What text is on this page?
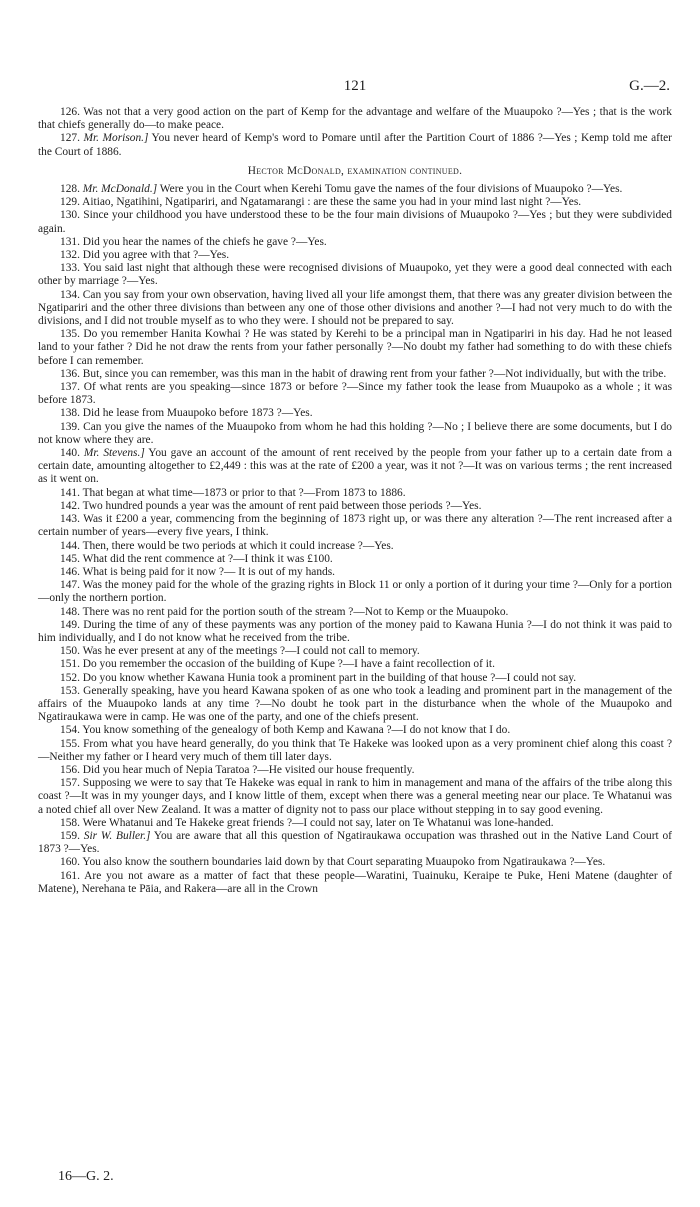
121	G.—2.

126. Was not that a very good action on the part of Kemp for the advantage and welfare of the Muaupoko ?—Yes ; that is the work that chiefs generally do—to make peace.

127. Mr. Morison.] You never heard of Kemp's word to Pomare until after the Partition Court of 1886 ?—Yes ; Kemp told me after the Court of 1886.

Hector McDonald, examination continued.

128. Mr. McDonald.] Were you in the Court when Kerehi Tomu gave the names of the four divisions of Muaupoko ?—Yes.

129. Aitiao, Ngatihini, Ngatipariri, and Ngatamarangi : are these the same you had in your mind last night ?—Yes.

130. Since your childhood you have understood these to be the four main divisions of Muaupoko ?—Yes ; but they were subdivided again.

131. Did you hear the names of the chiefs he gave ?—Yes.

132. Did you agree with that ?—Yes.

133. You said last night that although these were recognised divisions of Muaupoko, yet they were a good deal connected with each other by marriage ?—Yes.

134. Can you say from your own observation, having lived all your life amongst them, that there was any greater division between the Ngatipariri and the other three divisions than between any one of those other divisions and another ?—I had not very much to do with the divisions, and I did not trouble myself as to who they were. I should not be prepared to say.

135. Do you remember Hanita Kowhai ? He was stated by Kerehi to be a principal man in Ngatipariri in his day. Had he not leased land to your father ? Did he not draw the rents from your father personally ?—No doubt my father had something to do with these chiefs before I can remember.

136. But, since you can remember, was this man in the habit of drawing rent from your father ?—Not individually, but with the tribe.

137. Of what rents are you speaking—since 1873 or before ?—Since my father took the lease from Muaupoko as a whole ; it was before 1873.

138. Did he lease from Muaupoko before 1873 ?—Yes.

139. Can you give the names of the Muaupoko from whom he had this holding ?—No ; I believe there are some documents, but I do not know where they are.

140. Mr. Stevens.] You gave an account of the amount of rent received by the people from your father up to a certain date from a certain date, amounting altogether to £2,449 : this was at the rate of £200 a year, was it not ?—It was on various terms ; the rent increased as it went on.

141. That began at what time—1873 or prior to that ?—From 1873 to 1886.

142. Two hundred pounds a year was the amount of rent paid between those periods ?—Yes.

143. Was it £200 a year, commencing from the beginning of 1873 right up, or was there any alteration ?—The rent increased after a certain number of years—every five years, I think.

144. Then, there would be two periods at which it could increase ?—Yes.

145. What did the rent commence at ?—I think it was £100.

146. What is being paid for it now ?— It is out of my hands.

147. Was the money paid for the whole of the grazing rights in Block 11 or only a portion of it during your time ?—Only for a portion—only the northern portion.

148. There was no rent paid for the portion south of the stream ?—Not to Kemp or the Muaupoko.

149. During the time of any of these payments was any portion of the money paid to Kawana Hunia ?—I do not think it was paid to him individually, and I do not know what he received from the tribe.

150. Was he ever present at any of the meetings ?—I could not call to memory.

151. Do you remember the occasion of the building of Kupe ?—I have a faint recollection of it.

152. Do you know whether Kawana Hunia took a prominent part in the building of that house ?—I could not say.

153. Generally speaking, have you heard Kawana spoken of as one who took a leading and prominent part in the management of the affairs of the Muaupoko lands at any time ?—No doubt he took part in the disturbance when the whole of the Muaupoko and Ngatiraukawa were in camp. He was one of the party, and one of the chiefs present.

154. You know something of the genealogy of both Kemp and Kawana ?—I do not know that I do.

155. From what you have heard generally, do you think that Te Hakeke was looked upon as a very prominent chief along this coast ?—Neither my father or I heard very much of them till later days.

156. Did you hear much of Nepia Taratoa ?—He visited our house frequently.

157. Supposing we were to say that Te Hakeke was equal in rank to him in management and mana of the affairs of the tribe along this coast ?—It was in my younger days, and I know little of them, except when there was a general meeting near our place. Te Whatanui was a noted chief all over New Zealand. It was a matter of dignity not to pass our place without stepping in to say good evening.

158. Were Whatanui and Te Hakeke great friends ?—I could not say, later on Te Whatanui was lone-handed.

159. Sir W. Buller.] You are aware that all this question of Ngatiraukawa occupation was thrashed out in the Native Land Court of 1873 ?—Yes.

160. You also know the southern boundaries laid down by that Court separating Muaupoko from Ngatiraukawa ?—Yes.

161. Are you not aware as a matter of fact that these people—Waratini, Tuainuku, Keraipe te Puke, Heni Matene (daughter of Matene), Nerehana te Pāia, and Rakera—are all in the Crown

16—G. 2.
